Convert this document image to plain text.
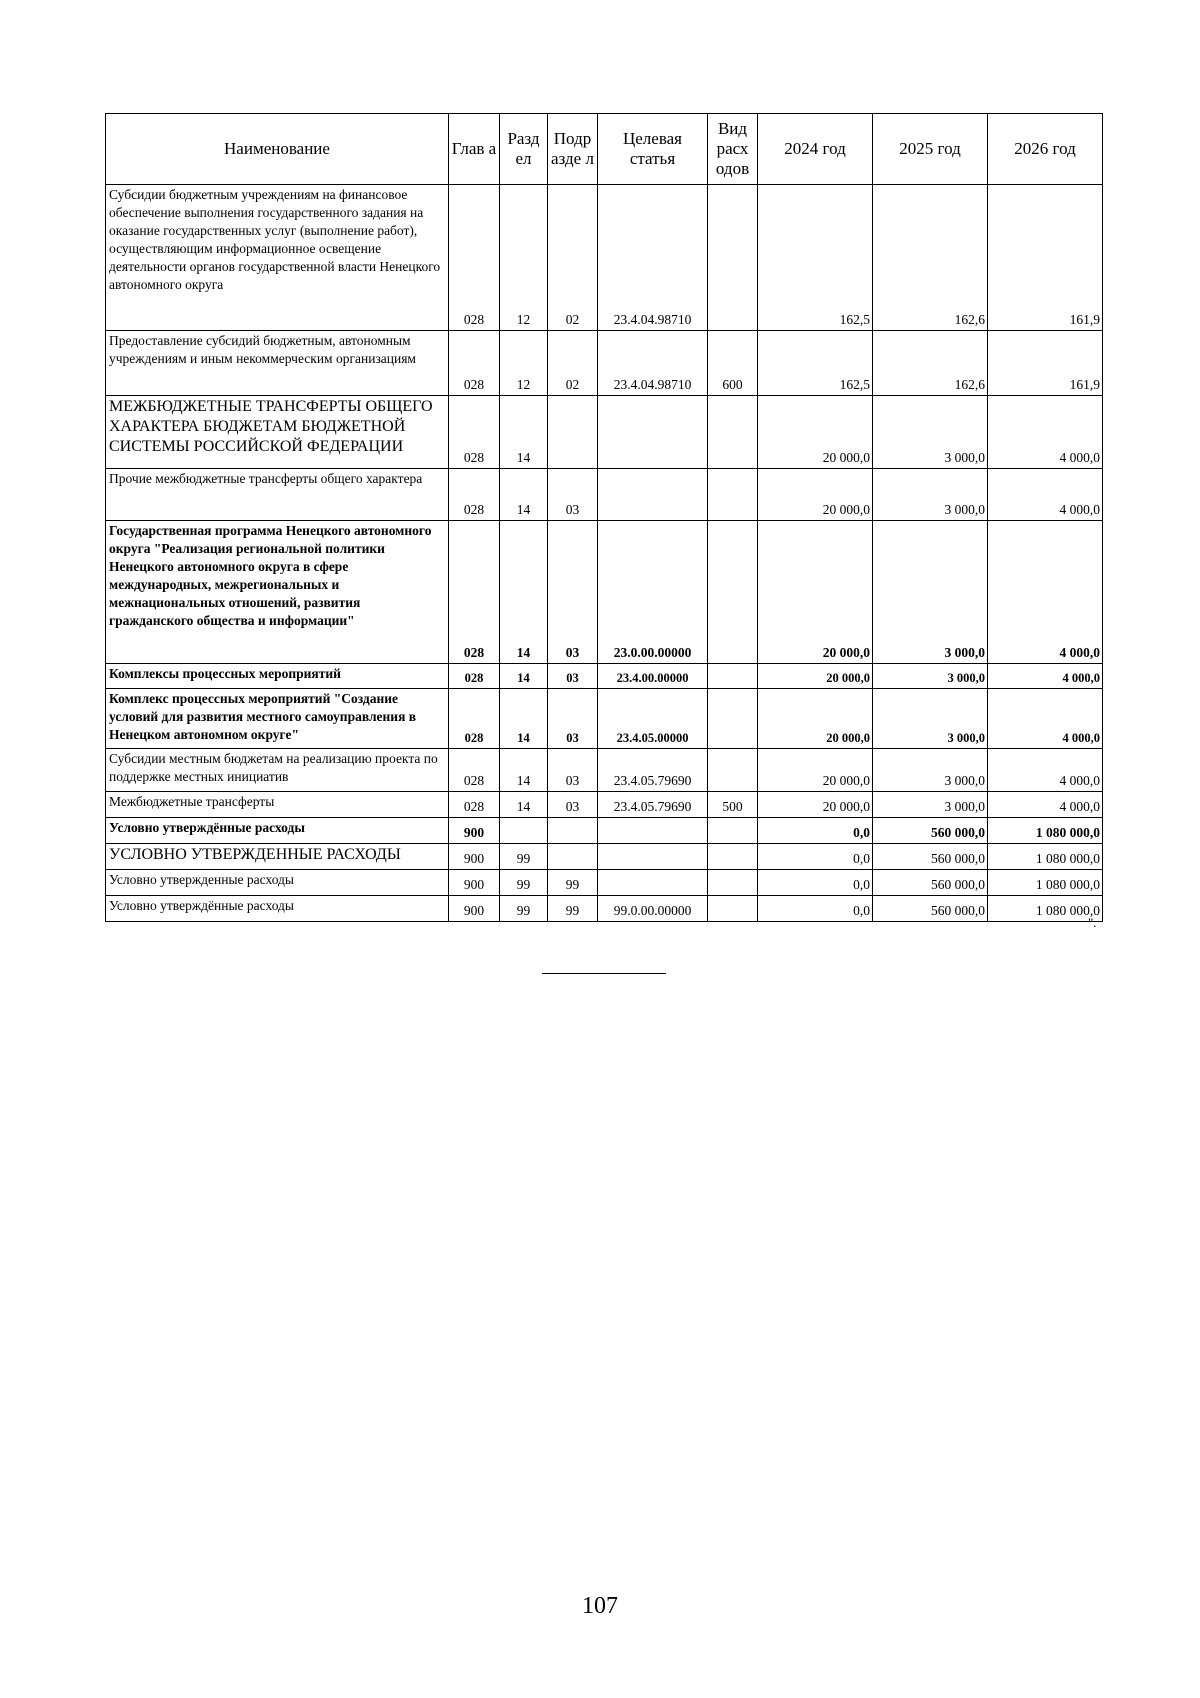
Наименование	Глав а	Разд ел	Подр азде л	Целевая статья	Вид расх одов	2024 год	2025 год	2026 год
Субсидии бюджетным учреждениям на финансовое обеспечение выполнения государственного задания на оказание государственных услуг (выполнение работ), осуществляющим информационное освещение деятельности органов государственной власти Ненецкого автономного округа	028	12	02	23.4.04.98710		162,5	162,6	161,9
Предоставление субсидий бюджетным, автономным учреждениям и иным некоммерческим организациям	028	12	02	23.4.04.98710	600	162,5	162,6	161,9
МЕЖБЮДЖЕТНЫЕ ТРАНСФЕРТЫ ОБЩЕГО ХАРАКТЕРА БЮДЖЕТАМ БЮДЖЕТНОЙ СИСТЕМЫ РОССИЙСКОЙ ФЕДЕРАЦИИ	028	14				20 000,0	3 000,0	4 000,0
Прочие межбюджетные трансферты общего характера	028	14	03			20 000,0	3 000,0	4 000,0
Государственная программа Ненецкого автономного округа "Реализация региональной политики Ненецкого автономного округа в сфере международных, межрегиональных и межнациональных отношений, развития гражданского общества и информации"	028	14	03	23.0.00.00000		20 000,0	3 000,0	4 000,0
Комплексы процессных мероприятий	028	14	03	23.4.00.00000		20 000,0	3 000,0	4 000,0
Комплекс процессных мероприятий "Создание условий для развития местного самоуправления в Ненецком автономном округе"	028	14	03	23.4.05.00000		20 000,0	3 000,0	4 000,0
Субсидии местным бюджетам на реализацию проекта по поддержке местных инициатив	028	14	03	23.4.05.79690		20 000,0	3 000,0	4 000,0
Межбюджетные трансферты	028	14	03	23.4.05.79690	500	20 000,0	3 000,0	4 000,0
Условно утверждённые расходы	900					0,0	560 000,0	1 080 000,0
УСЛОВНО УТВЕРЖДЕННЫЕ РАСХОДЫ	900	99				0,0	560 000,0	1 080 000,0
Условно утвержденные расходы	900	99	99			0,0	560 000,0	1 080 000,0
Условно утверждённые расходы	900	99	99	99.0.00.00000		0,0	560 000,0	1 080 000,0
".
107
